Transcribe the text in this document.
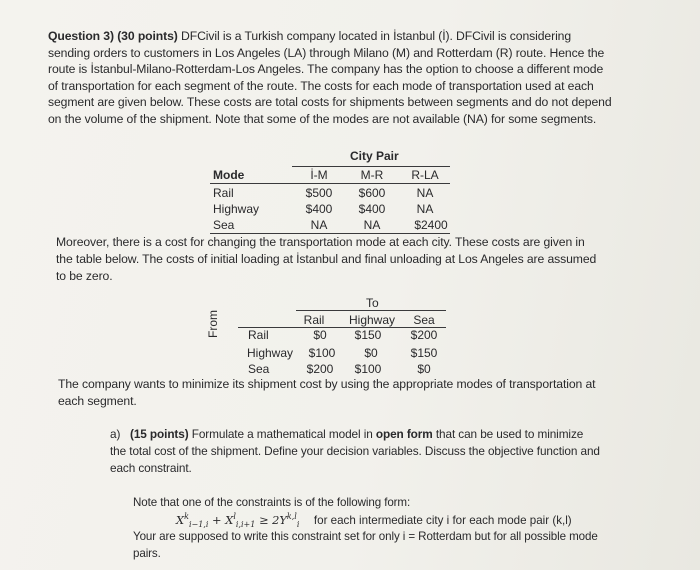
Question 3) (30 points) DFCivil is a Turkish company located in İstanbul (İ). DFCivil is considering sending orders to customers in Los Angeles (LA) through Milano (M) and Rotterdam (R) route. Hence the route is İstanbul-Milano-Rotterdam-Los Angeles. The company has the option to choose a different mode of transportation for each segment of the route. The costs for each mode of transportation used at each segment are given below. These costs are total costs for shipments between segments and do not depend on the volume of the shipment. Note that some of the modes are not available (NA) for some segments.
City Pair
Mode	İ-M	M-R	R-LA
Rail	$500	$600	NA
Highway	$400	$400	NA
Sea	NA	NA	$2400
Moreover, there is a cost for changing the transportation mode at each city. These costs are given in the table below. The costs of initial loading at İstanbul and final unloading at Los Angeles are assumed to be zero.
To
Rail	Highway	Sea
Rail	$0	$150	$200
Highway	$100	$0	$150
Sea	$200	$100	$0
From
The company wants to minimize its shipment cost by using the appropriate modes of transportation at each segment.
a) (15 points) Formulate a mathematical model in open form that can be used to minimize the total cost of the shipment. Define your decision variables. Discuss the objective function and each constraint.
Note that one of the constraints is of the following form:
$X^k_{i-1,i} + X^l_{i,i+1} \ge 2Y^{k,l}_i$ for each intermediate city i for each mode pair (k,l)
Your are supposed to write this constraint set for only i = Rotterdam but for all possible mode pairs.
